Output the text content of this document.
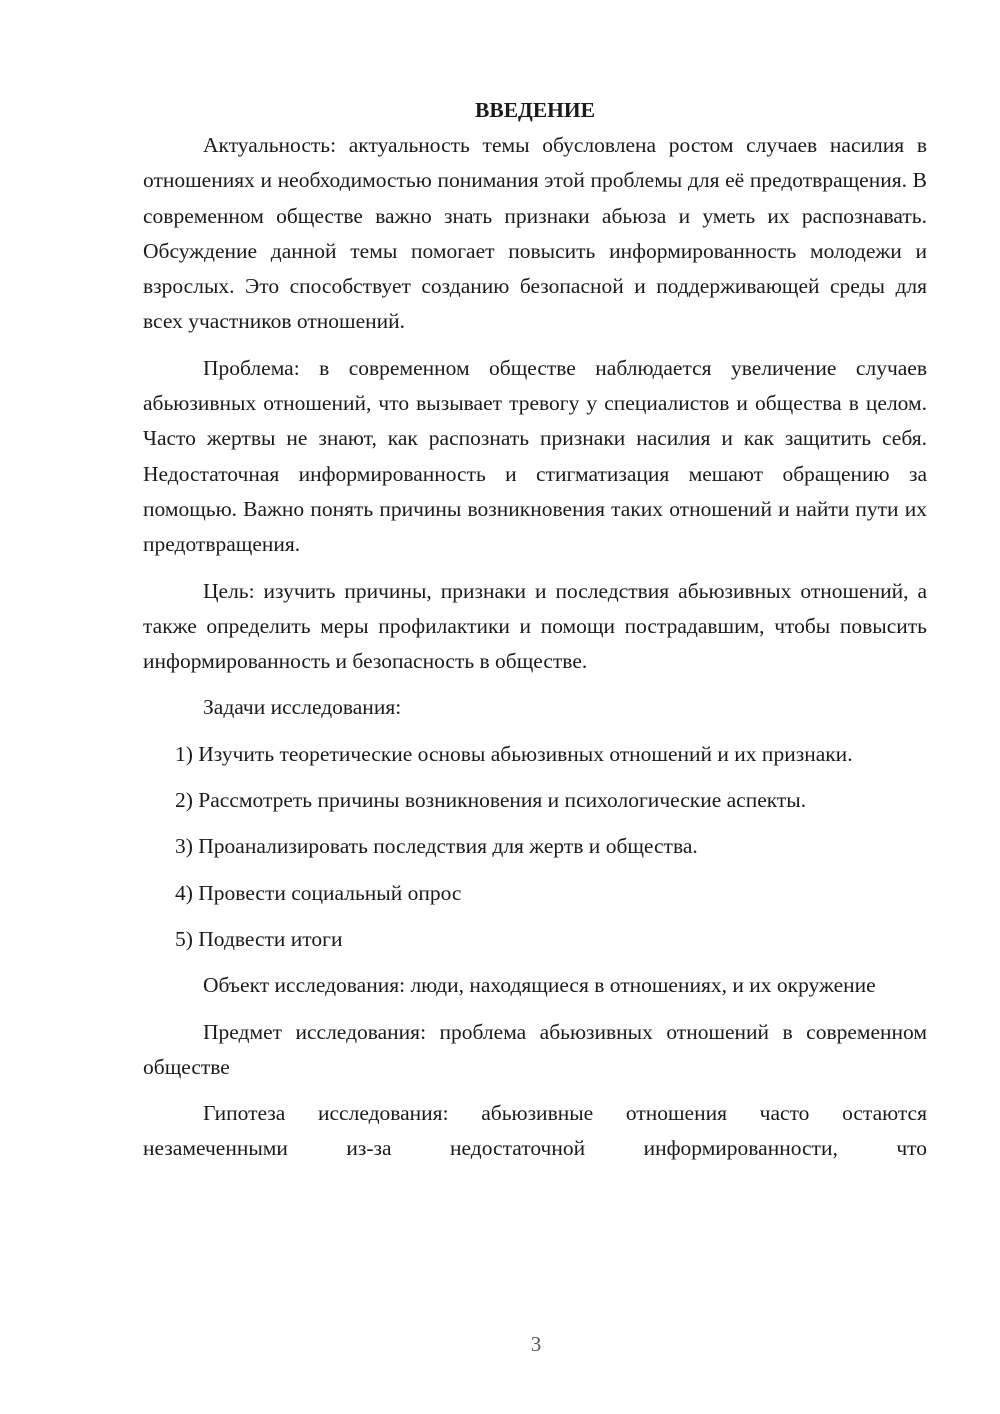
ВВЕДЕНИЕ

Актуальность: актуальность темы обусловлена ростом случаев насилия в отношениях и необходимостью понимания этой проблемы для её предотвращения. В современном обществе важно знать признаки абьюза и уметь их распознавать. Обсуждение данной темы помогает повысить информированность молодежи и взрослых. Это способствует созданию безопасной и поддерживающей среды для всех участников отношений.

Проблема: в современном обществе наблюдается увеличение случаев абьюзивных отношений, что вызывает тревогу у специалистов и общества в целом. Часто жертвы не знают, как распознать признаки насилия и как защитить себя. Недостаточная информированность и стигматизация мешают обращению за помощью. Важно понять причины возникновения таких отношений и найти пути их предотвращения.

Цель: изучить причины, признаки и последствия абьюзивных отношений, а также определить меры профилактики и помощи пострадавшим, чтобы повысить информированность и безопасность в обществе.

Задачи исследования:

1) Изучить теоретические основы абьюзивных отношений и их признаки.

2) Рассмотреть причины возникновения и психологические аспекты.

3) Проанализировать последствия для жертв и общества.

4) Провести социальный опрос

5) Подвести итоги

Объект исследования: люди, находящиеся в отношениях, и их окружение

Предмет исследования: проблема абьюзивных отношений в современном обществе

Гипотеза исследования: абьюзивные отношения часто остаются незамеченными из-за недостаточной информированности, что

3
